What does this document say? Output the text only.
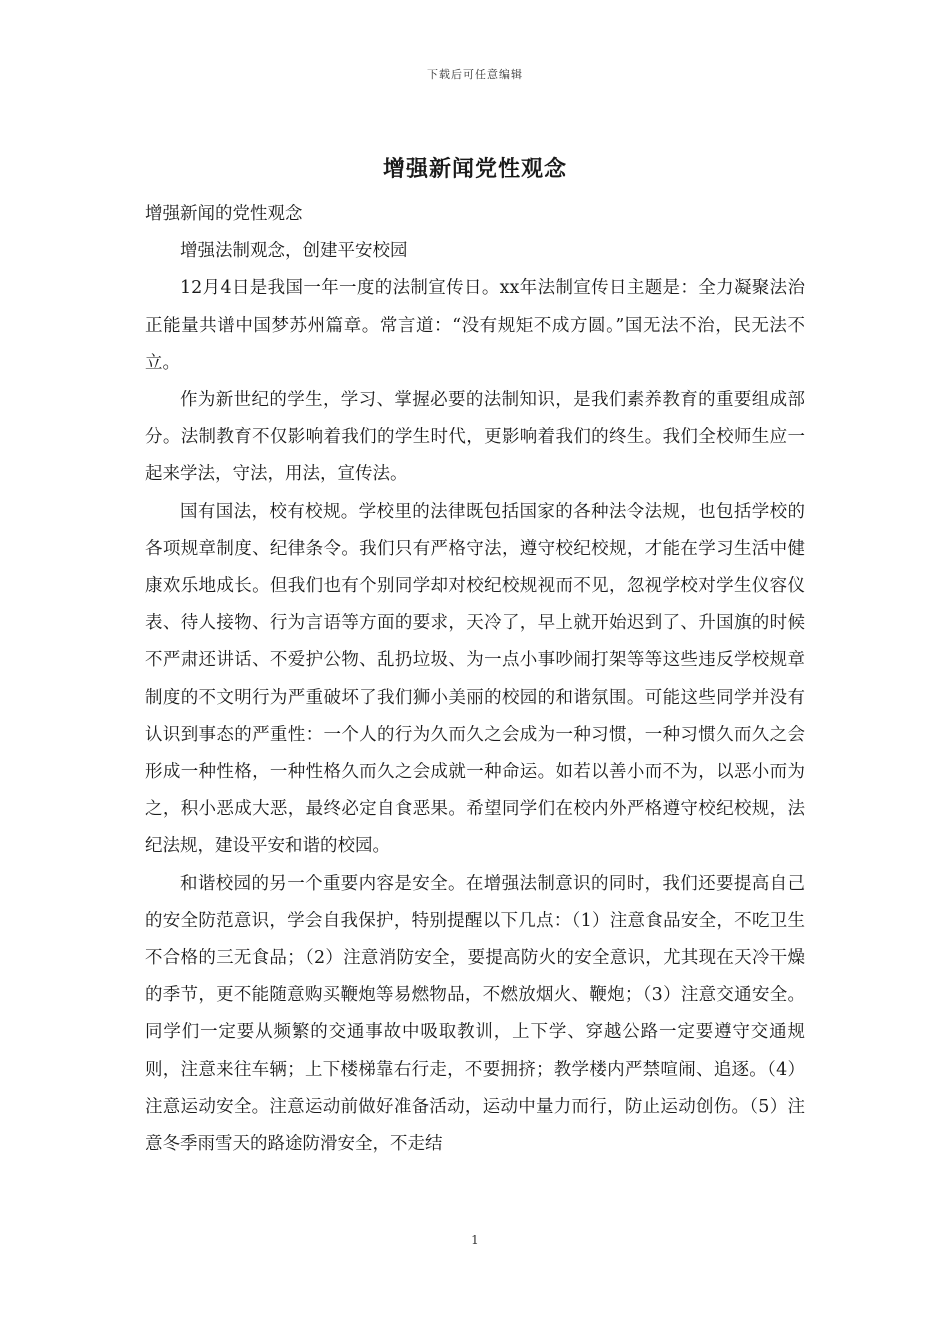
下载后可任意编辑
增强新闻党性观念

增强新闻的党性观念

增强法制观念，创建平安校园

12月4日是我国一年一度的法制宣传日。xx年法制宣传日主题是：全力凝聚法治正能量共谱中国梦苏州篇章。常言道：“没有规矩不成方圆。”国无法不治，民无法不立。

作为新世纪的学生，学习、掌握必要的法制知识，是我们素养教育的重要组成部分。法制教育不仅影响着我们的学生时代，更影响着我们的终生。我们全校师生应一起来学法，守法，用法，宣传法。

国有国法，校有校规。学校里的法律既包括国家的各种法令法规，也包括学校的各项规章制度、纪律条令。我们只有严格守法，遵守校纪校规，才能在学习生活中健康欢乐地成长。但我们也有个别同学却对校纪校规视而不见，忽视学校对学生仪容仪表、待人接物、行为言语等方面的要求，天冷了，早上就开始迟到了、升国旗的时候不严肃还讲话、不爱护公物、乱扔垃圾、为一点小事吵闹打架等等这些违反学校规章制度的不文明行为严重破坏了我们狮小美丽的校园的和谐氛围。可能这些同学并没有认识到事态的严重性：一个人的行为久而久之会成为一种习惯，一种习惯久而久之会形成一种性格，一种性格久而久之会成就一种命运。如若以善小而不为，以恶小而为之，积小恶成大恶，最终必定自食恶果。希望同学们在校内外严格遵守校纪校规，法纪法规，建设平安和谐的校园。

和谐校园的另一个重要内容是安全。在增强法制意识的同时，我们还要提高自己的安全防范意识，学会自我保护，特别提醒以下几点：（1）注意食品安全，不吃卫生不合格的三无食品；（2）注意消防安全，要提高防火的安全意识，尤其现在天冷干燥的季节，更不能随意购买鞭炮等易燃物品，不燃放烟火、鞭炮；（3）注意交通安全。同学们一定要从频繁的交通事故中吸取教训，上下学、穿越公路一定要遵守交通规则，注意来往车辆；上下楼梯靠右行走，不要拥挤；教学楼内严禁喧闹、追逐。（4）注意运动安全。注意运动前做好准备活动，运动中量力而行，防止运动创伤。（5）注意冬季雨雪天的路途防滑安全，不走结

1
